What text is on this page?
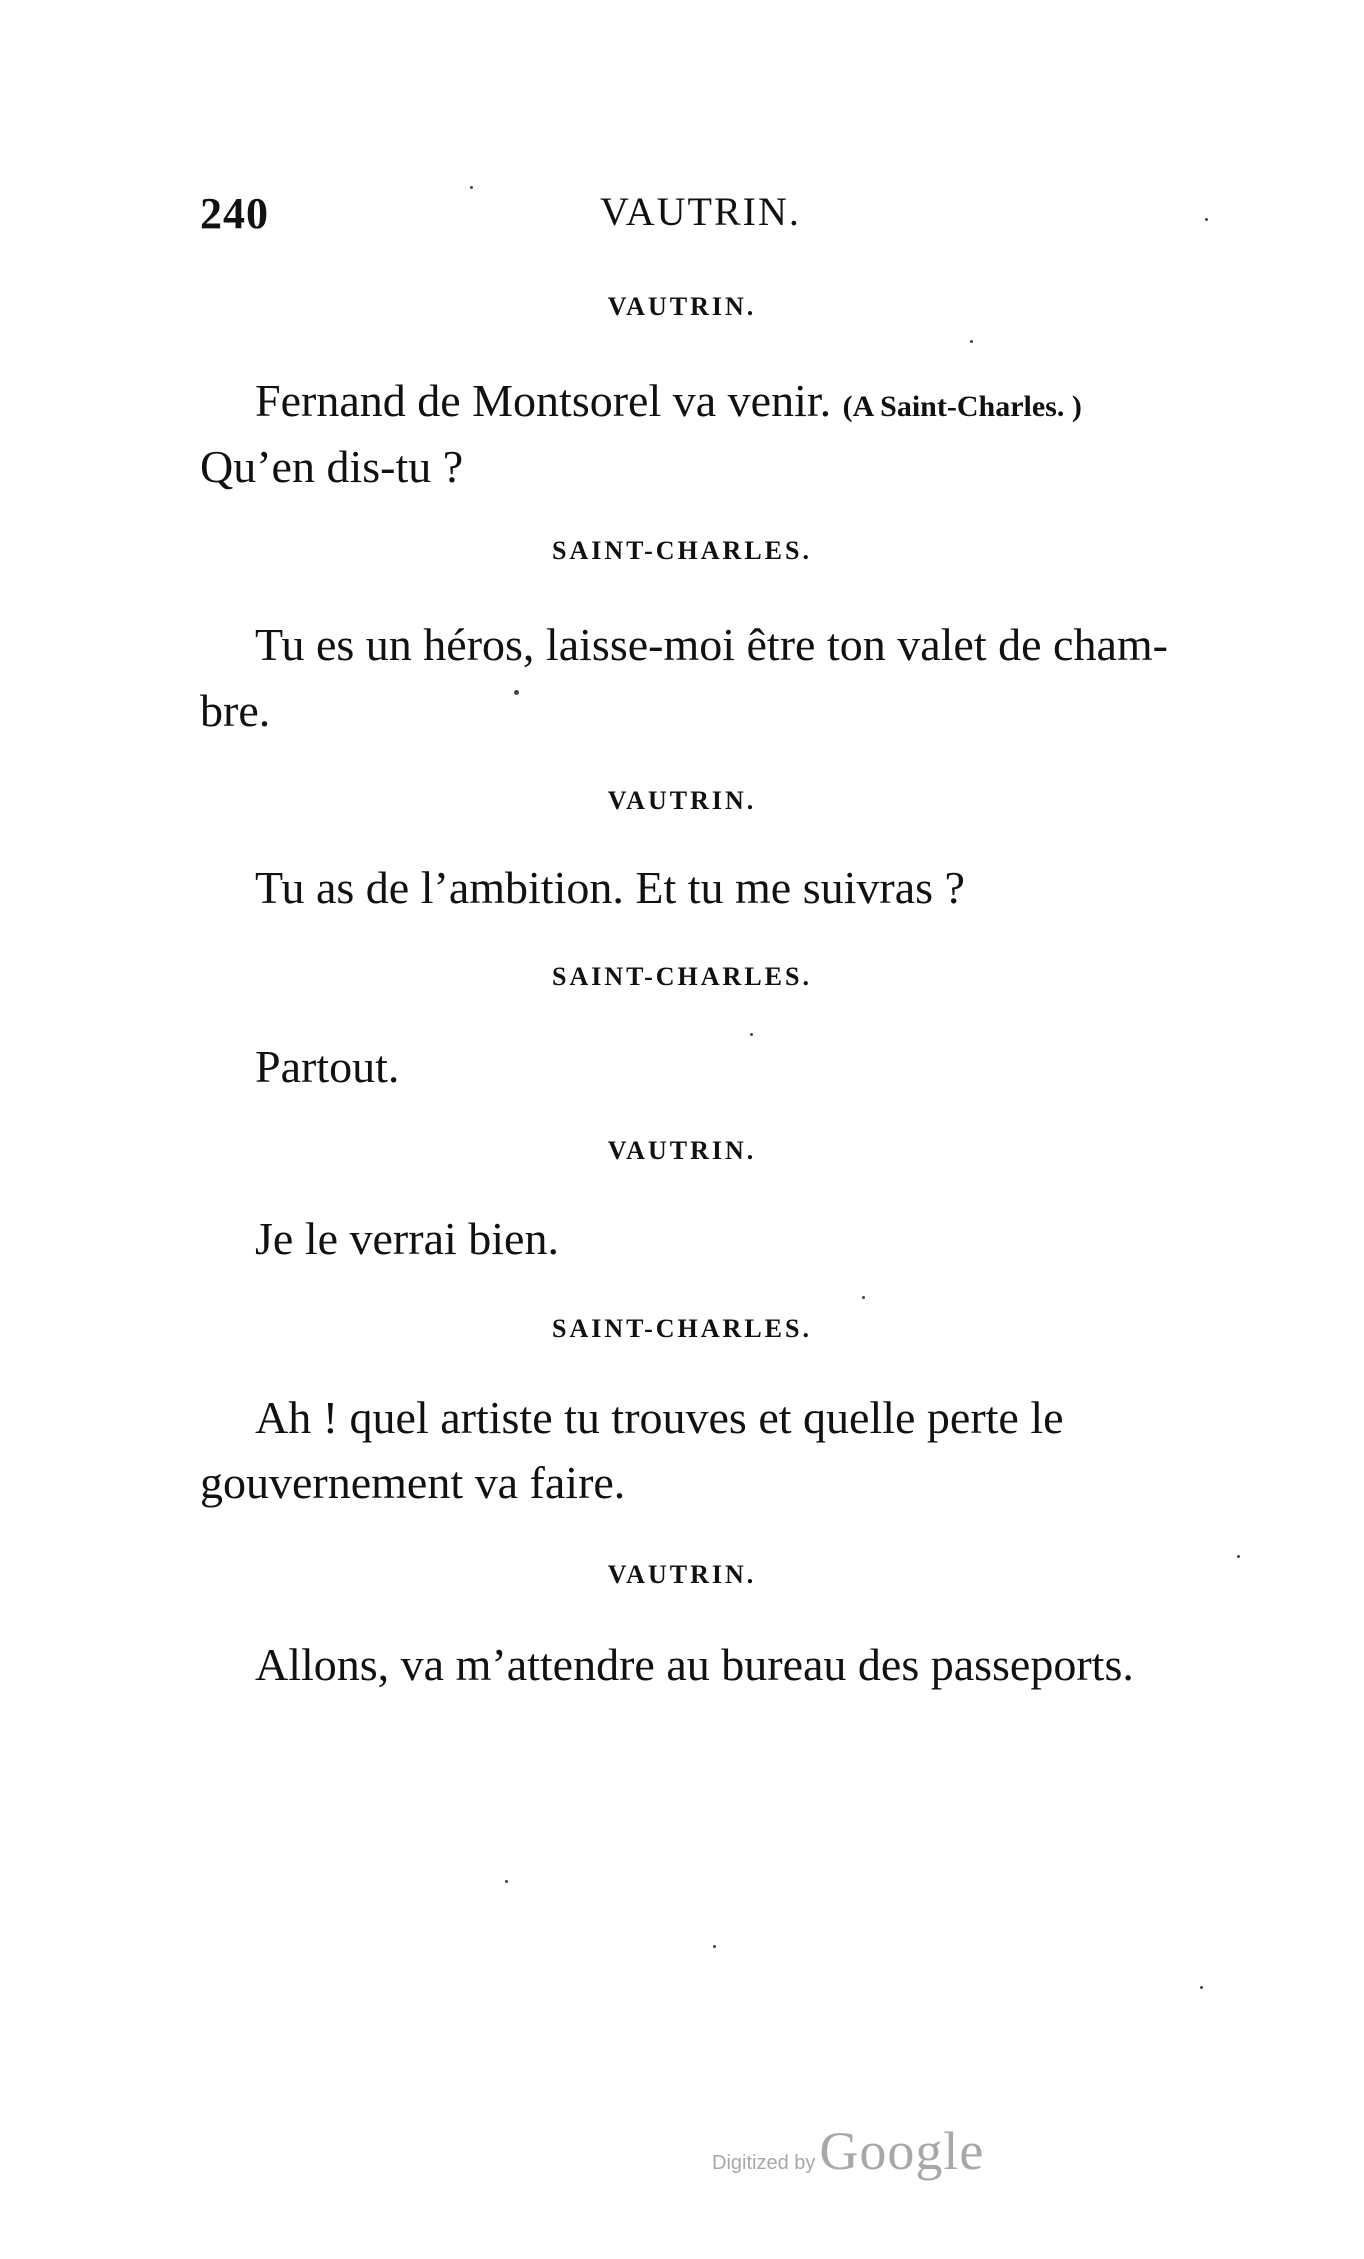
240	VAUTRIN.
VAUTRIN.
Fernand de Montsorel va venir. (A Saint-Charles. )
Qu’en dis-tu ?
SAINT-CHARLES.
Tu es un héros, laisse-moi être ton valet de cham-
bre.
VAUTRIN.
Tu as de l’ambition. Et tu me suivras ?
SAINT-CHARLES.
Partout.
VAUTRIN.
Je le verrai bien.
SAINT-CHARLES.
Ah ! quel artiste tu trouves et quelle perte le
gouvernement va faire.
VAUTRIN.
Allons, va m’attendre au bureau des passeports.
Digitized by Google
